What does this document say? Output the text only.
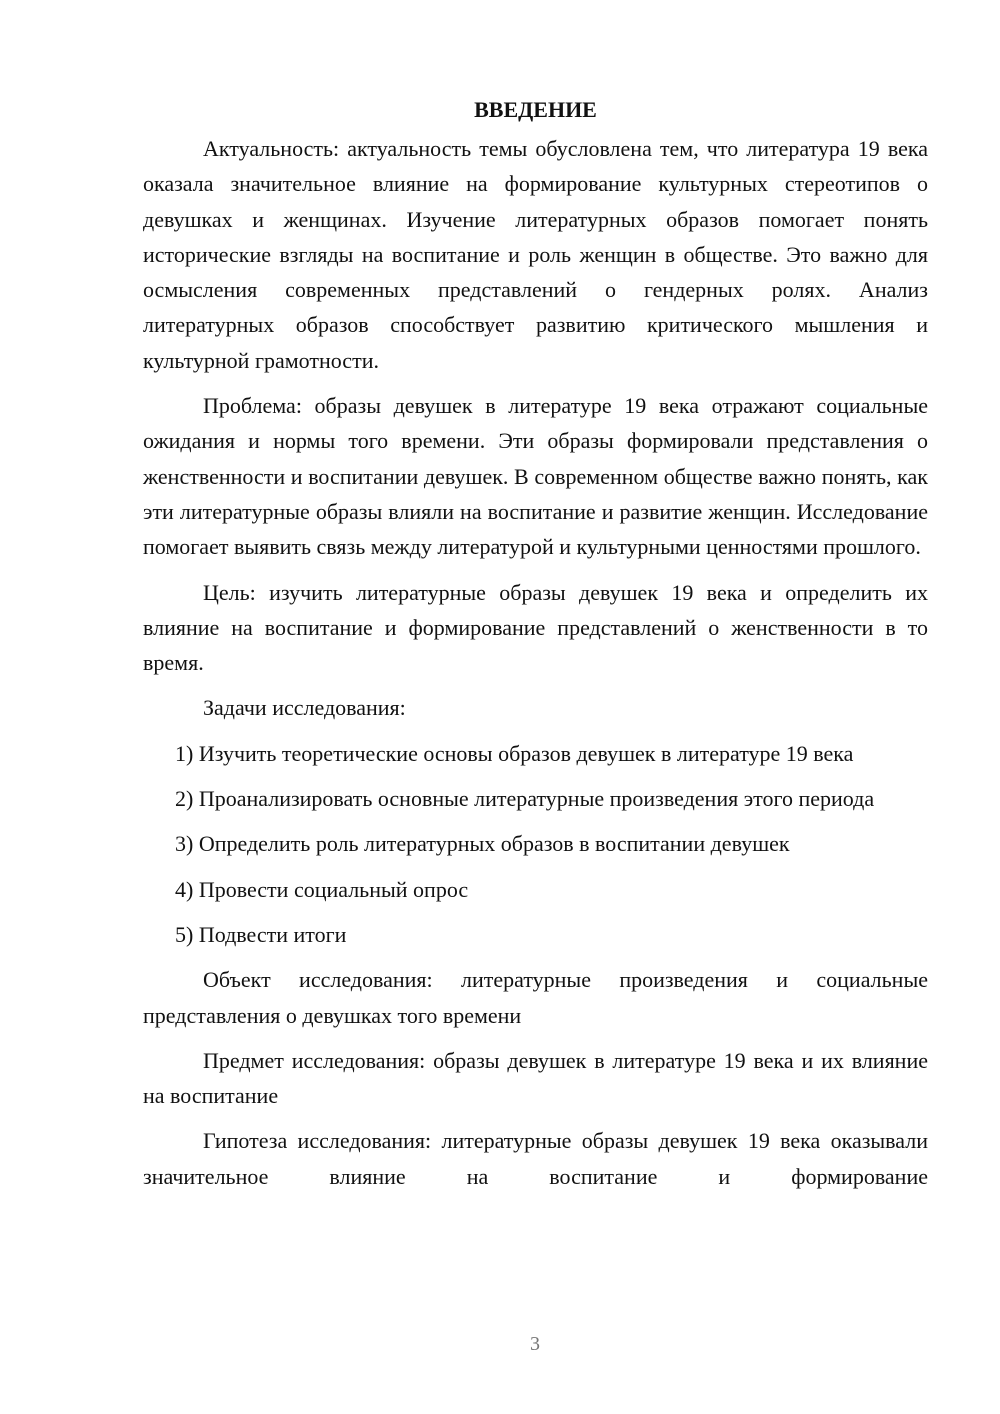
ВВЕДЕНИЕ

Актуальность: актуальность темы обусловлена тем, что литература 19 века оказала значительное влияние на формирование культурных стереотипов о девушках и женщинах. Изучение литературных образов помогает понять исторические взгляды на воспитание и роль женщин в обществе. Это важно для осмысления современных представлений о гендерных ролях. Анализ литературных образов способствует развитию критического мышления и культурной грамотности.

Проблема: образы девушек в литературе 19 века отражают социальные ожидания и нормы того времени. Эти образы формировали представления о женственности и воспитании девушек. В современном обществе важно понять, как эти литературные образы влияли на воспитание и развитие женщин. Исследование помогает выявить связь между литературой и культурными ценностями прошлого.

Цель: изучить литературные образы девушек 19 века и определить их влияние на воспитание и формирование представлений о женственности в то время.

Задачи исследования:

1) Изучить теоретические основы образов девушек в литературе 19 века

2) Проанализировать основные литературные произведения этого периода

3) Определить роль литературных образов в воспитании девушек

4) Провести социальный опрос

5) Подвести итоги

Объект исследования: литературные произведения и социальные представления о девушках того времени

Предмет исследования: образы девушек в литературе 19 века и их влияние на воспитание

Гипотеза исследования: литературные образы девушек 19 века оказывали значительное влияние на воспитание и формирование

3
